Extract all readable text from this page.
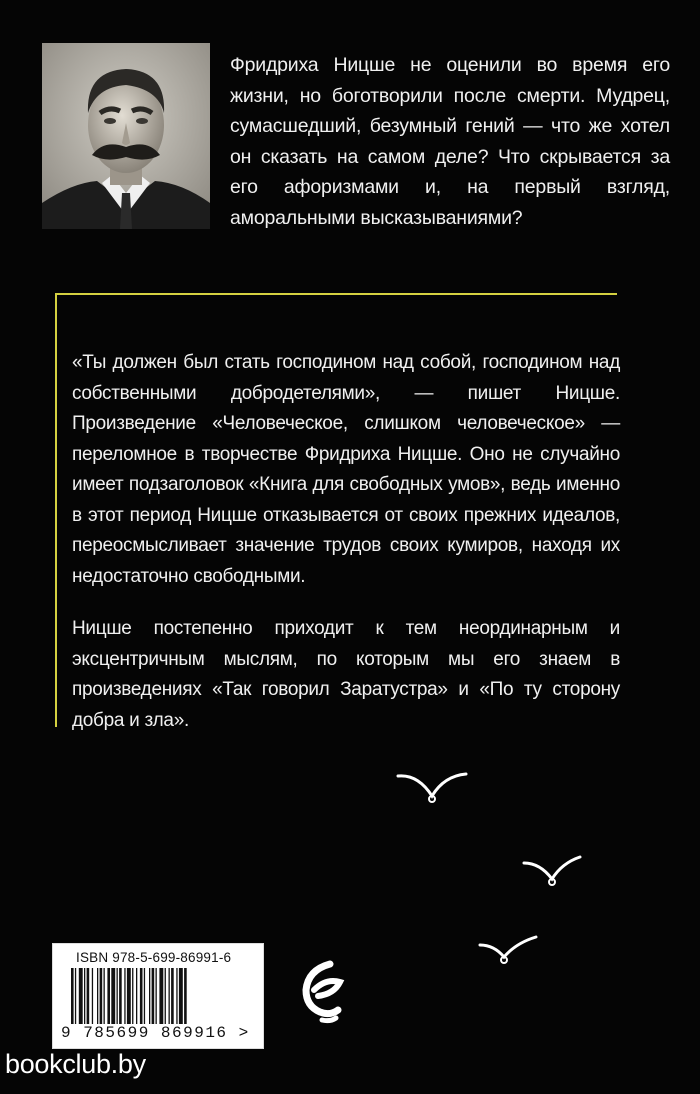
Фридриха Ницше не оценили во время его жизни, но боготворили после смерти. Мудрец, сумасшедший, безумный гений — что же хотел он сказать на самом деле? Что скрывается за его афоризмами и, на первый взгляд, аморальными высказываниями?

«Ты должен был стать господином над собой, господином над собственными добродетелями», — пишет Ницше. Произведение «Человеческое, слишком человеческое» — переломное в творчестве Фридриха Ницше. Оно не случайно имеет подзаголовок «Книга для свободных умов», ведь именно в этот период Ницше отказывается от своих прежних идеалов, переосмысливает значение трудов своих кумиров, находя их недостаточно свободными.

Ницше постепенно приходит к тем неординарным и эксцентричным мыслям, по которым мы его знаем в произведениях «Так говорил Заратустра» и «По ту сторону добра и зла».

ISBN 978-5-699-86991-6
9 785699 869916 >
bookclub.by
